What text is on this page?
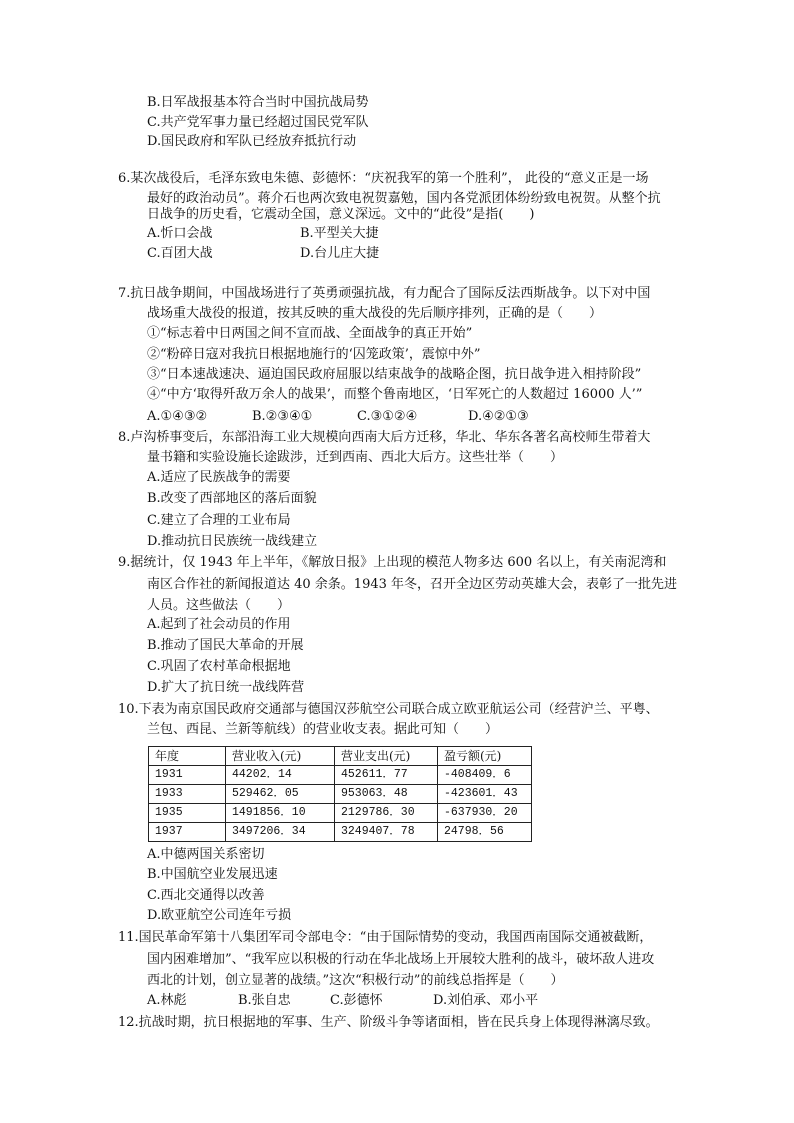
B.日军战报基本符合当时中国抗战局势
C.共产党军事力量已经超过国民党军队
D.国民政府和军队已经放弃抵抗行动
6.某次战役后，毛泽东致电朱德、彭德怀：“庆祝我军的第一个胜利”， 此役的“意义正是一场
最好的政治动员”。蒋介石也两次致电祝贺嘉勉，国内各党派团体纷纷致电祝贺。从整个抗
日战争的历史看，它震动全国，意义深远。文中的“此役”是指(　　)
A.忻口会战	B.平型关大捷
C.百团大战	D.台儿庄大捷
7.抗日战争期间，中国战场进行了英勇顽强抗战，有力配合了国际反法西斯战争。以下对中国
战场重大战役的报道，按其反映的重大战役的先后顺序排列，正确的是（　　）
①“标志着中日两国之间不宣而战、全面战争的真正开始”
②“粉碎日寇对我抗日根据地施行的‘囚笼政策’，震惊中外”
③“日本速战速决、逼迫国民政府屈服以结束战争的战略企图，抗日战争进入相持阶段”
④“中方‘取得歼敌万余人的战果’，而整个鲁南地区，‘日军死亡的人数超过 16000 人’”
A.①④③②	B.②③④①	C.③①②④	D.④②①③
8.卢沟桥事变后，东部沿海工业大规模向西南大后方迁移，华北、华东各著名高校师生带着大
量书籍和实验设施长途跋涉，迁到西南、西北大后方。这些壮举（　　）
A.适应了民族战争的需要
B.改变了西部地区的落后面貌
C.建立了合理的工业布局
D.推动抗日民族统一战线建立
9.据统计，仅 1943 年上半年，《解放日报》上出现的模范人物多达 600 名以上，有关南泥湾和
南区合作社的新闻报道达 40 余条。1943 年冬，召开全边区劳动英雄大会，表彰了一批先进
人员。这些做法（　　）
A.起到了社会动员的作用
B.推动了国民大革命的开展
C.巩固了农村革命根据地
D.扩大了抗日统一战线阵营
10.下表为南京国民政府交通部与德国汉莎航空公司联合成立欧亚航运公司（经营沪兰、平粤、
兰包、西昆、兰新等航线）的营业收支表。据此可知（　　）
年度	营业收入(元)	营业支出(元)	盈亏额(元)
1931	44202．14	452611．77	-408409．6
1933	529462．05	953063．48	-423601．43
1935	1491856．10	2129786．30	-637930．20
1937	3497206．34	3249407．78	24798．56
A.中德两国关系密切
B.中国航空业发展迅速
C.西北交通得以改善
D.欧亚航空公司连年亏损
11.国民革命军第十八集团军司令部电令：“由于国际情势的变动，我国西南国际交通被截断，
国内困难增加”、“我军应以积极的行动在华北战场上开展较大胜利的战斗，破坏敌人进攻
西北的计划，创立显著的战绩。”这次“积极行动”的前线总指挥是（　　）
A.林彪	B.张自忠	C.彭德怀	D.刘伯承、邓小平
12.抗战时期，抗日根据地的军事、生产、阶级斗争等诸面相，皆在民兵身上体现得淋漓尽致。
